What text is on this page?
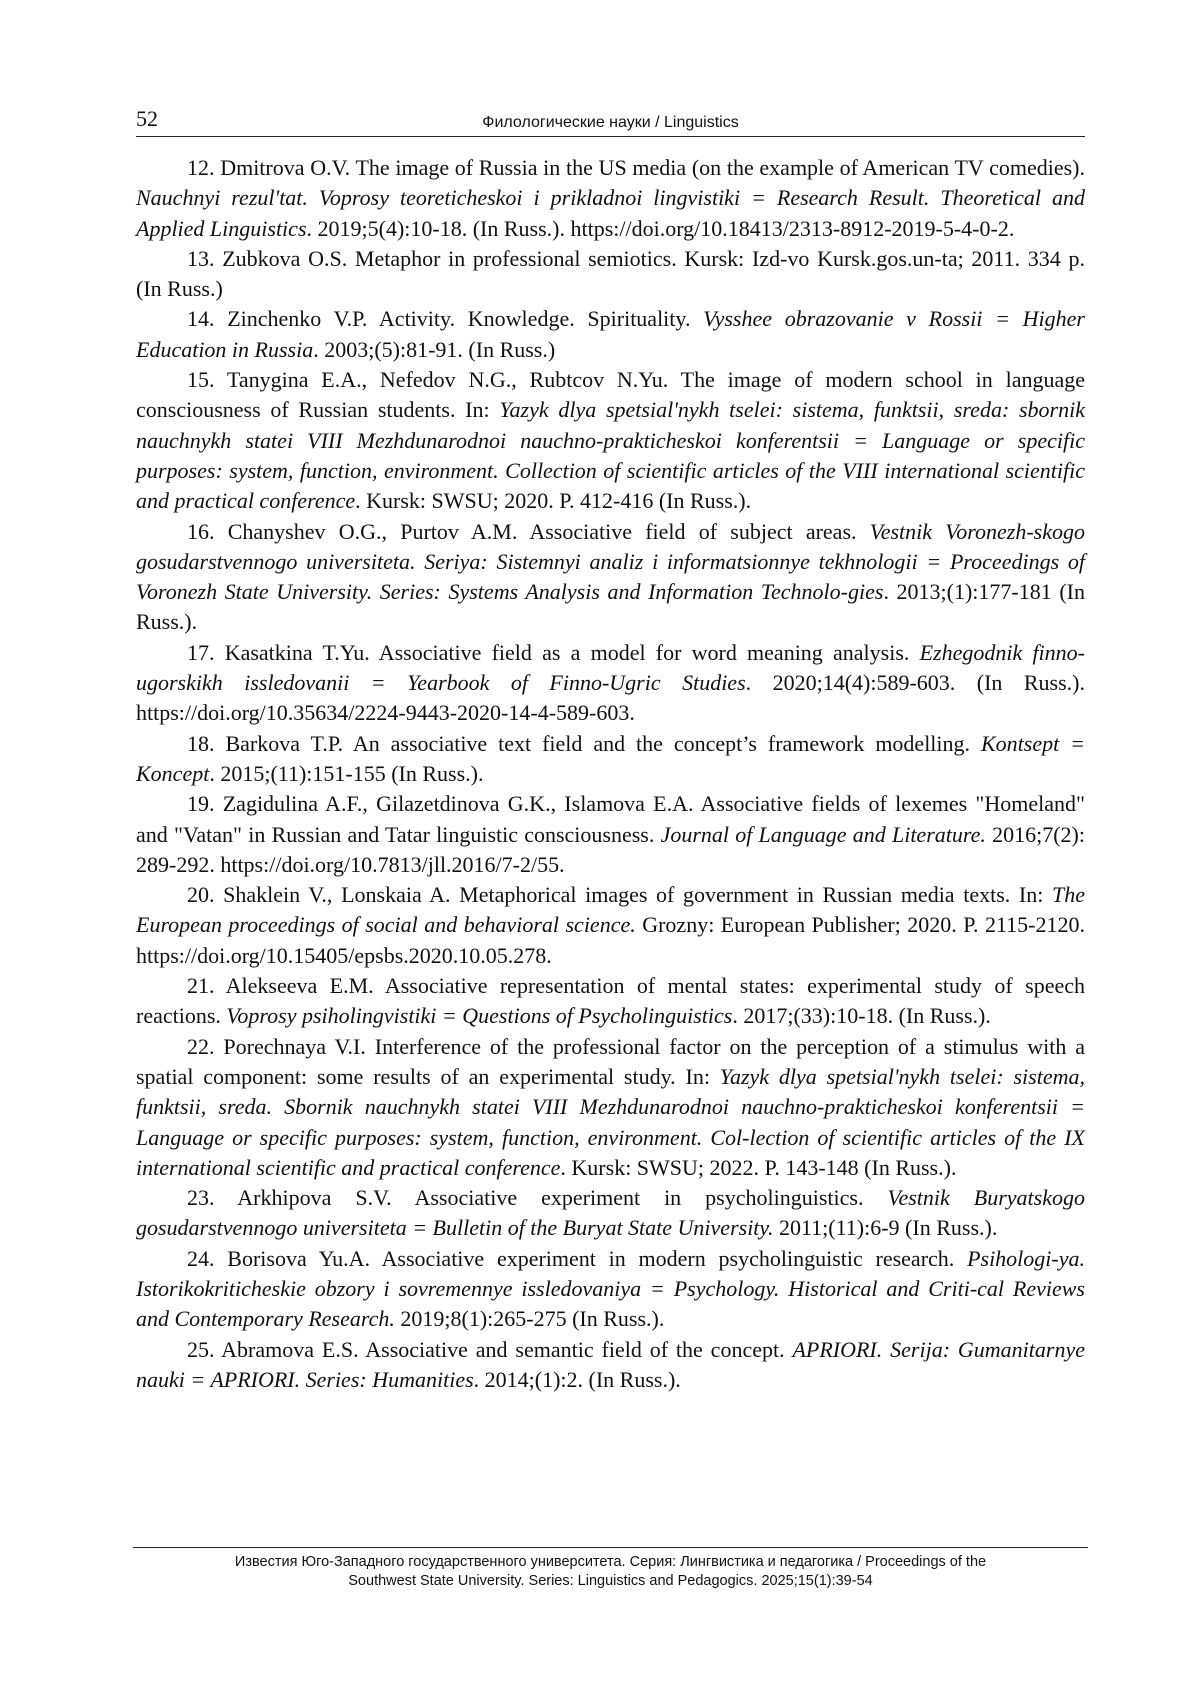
52	Филологические науки / Linguistics

12. Dmitrova O.V. The image of Russia in the US media (on the example of American TV comedies). Nauchnyi rezul'tat. Voprosy teoreticheskoi i prikladnoi lingvistiki = Research Result. Theoretical and Applied Linguistics. 2019;5(4):10-18. (In Russ.). https://doi.org/10.18413/2313-8912-2019-5-4-0-2.

13. Zubkova O.S. Metaphor in professional semiotics. Kursk: Izd-vo Kursk.gos.un-ta; 2011. 334 p. (In Russ.)

14. Zinchenko V.P. Activity. Knowledge. Spirituality. Vysshee obrazovanie v Rossii = Higher Education in Russia. 2003;(5):81-91. (In Russ.)

15. Tanygina E.A., Nefedov N.G., Rubtcov N.Yu. The image of modern school in language consciousness of Russian students. In: Yazyk dlya spetsial'nykh tselei: sistema, funktsii, sreda: sbornik nauchnykh statei VIII Mezhdunarodnoi nauchno-prakticheskoi konferentsii = Language or specific purposes: system, function, environment. Collection of scientific articles of the VIII international scientific and practical conference. Kursk: SWSU; 2020. P. 412-416 (In Russ.).

16. Chanyshev O.G., Purtov A.M. Associative field of subject areas. Vestnik Voronezh-skogo gosudarstvennogo universiteta. Seriya: Sistemnyi analiz i informatsionnye tekhnologii = Proceedings of Voronezh State University. Series: Systems Analysis and Information Technolo-gies. 2013;(1):177-181 (In Russ.).

17. Kasatkina T.Yu. Associative field as a model for word meaning analysis. Ezhegodnik finno-ugorskikh issledovanii = Yearbook of Finno-Ugric Studies. 2020;14(4):589-603. (In Russ.). https://doi.org/10.35634/2224-9443-2020-14-4-589-603.

18. Barkova T.P. An associative text field and the concept’s framework modelling. Kontsept = Koncept. 2015;(11):151-155 (In Russ.).

19. Zagidulina A.F., Gilazetdinova G.K., Islamova E.A. Associative fields of lexemes "Homeland" and "Vatan" in Russian and Tatar linguistic consciousness. Journal of Language and Literature. 2016;7(2): 289-292. https://doi.org/10.7813/jll.2016/7-2/55.

20. Shaklein V., Lonskaia A. Metaphorical images of government in Russian media texts. In: The European proceedings of social and behavioral science. Grozny: European Publisher; 2020. P. 2115-2120. https://doi.org/10.15405/epsbs.2020.10.05.278.

21. Alekseeva E.M. Associative representation of mental states: experimental study of speech reactions. Voprosy psiholingvistiki = Questions of Psycholinguistics. 2017;(33):10-18. (In Russ.).

22. Porechnaya V.I. Interference of the professional factor on the perception of a stimulus with a spatial component: some results of an experimental study. In: Yazyk dlya spetsial'nykh tselei: sistema, funktsii, sreda. Sbornik nauchnykh statei VIII Mezhdunarodnoi nauchno-prakticheskoi konferentsii = Language or specific purposes: system, function, environment. Col-lection of scientific articles of the IX international scientific and practical conference. Kursk: SWSU; 2022. P. 143-148 (In Russ.).

23. Arkhipova S.V. Associative experiment in psycholinguistics. Vestnik Buryatskogo gosudarstvennogo universiteta = Bulletin of the Buryat State University. 2011;(11):6-9 (In Russ.).

24. Borisova Yu.A. Associative experiment in modern psycholinguistic research. Psihologi-ya. Istorikokriticheskie obzory i sovremennye issledovaniya = Psychology. Historical and Criti-cal Reviews and Contemporary Research. 2019;8(1):265-275 (In Russ.).

25. Abramova E.S. Associative and semantic field of the concept. APRIORI. Serija: Gumanitarnye nauki = APRIORI. Series: Humanities. 2014;(1):2. (In Russ.).

Известия Юго-Западного государственного университета. Серия: Лингвистика и педагогика / Proceedings of the
Southwest State University. Series: Linguistics and Pedagogics. 2025;15(1):39-54
